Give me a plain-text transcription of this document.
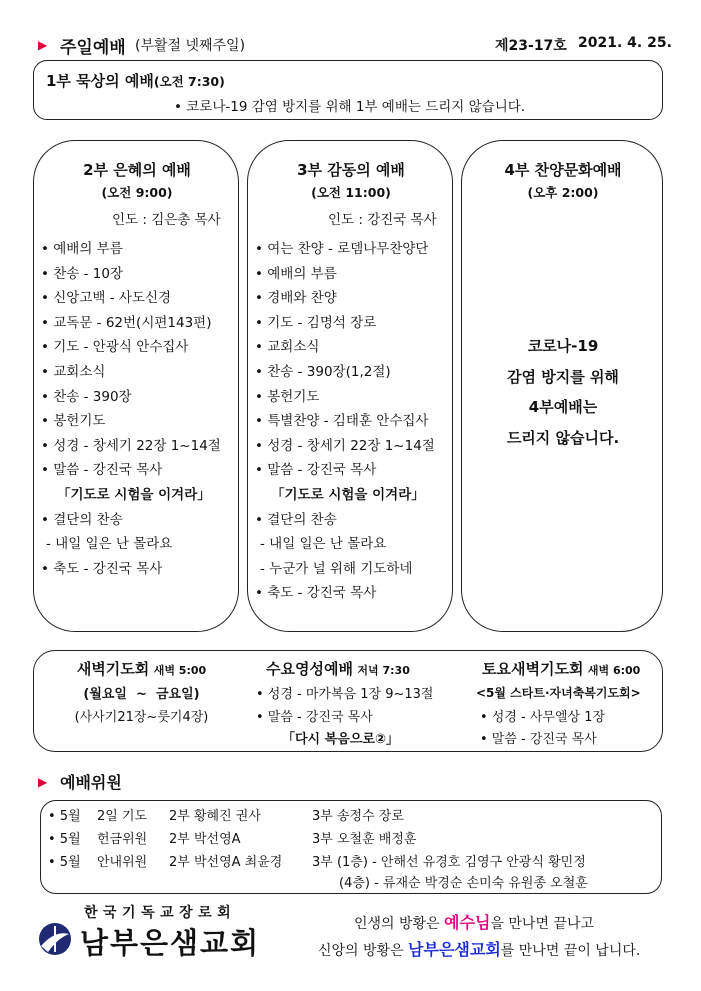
▶ 주일예배 (부활절 넷째주일)	제23-17호 2021. 4. 25.
1부 묵상의 예배(오전 7:30)
• 코로나-19 감염 방지를 위해 1부 예배는 드리지 않습니다.
2부 은혜의 예배
(오전 9:00)
인도 : 김은총 목사
• 예배의 부름
• 찬송 - 10장
• 신앙고백 - 사도신경
• 교독문 - 62번(시편143편)
• 기도 - 안광식 안수집사
• 교회소식
• 찬송 - 390장
• 봉헌기도
• 성경 - 창세기 22장 1~14절
• 말씀 - 강진국 목사
「기도로 시험을 이겨라」
• 결단의 찬송
- 내일 일은 난 몰라요
• 축도 - 강진국 목사
3부 감동의 예배
(오전 11:00)
인도 : 강진국 목사
• 여는 찬양 - 로뎀나무찬양단
• 예배의 부름
• 경배와 찬양
• 기도 - 김명석 장로
• 교회소식
• 찬송 - 390장(1,2절)
• 봉헌기도
• 특별찬양 - 김태훈 안수집사
• 성경 - 창세기 22장 1~14절
• 말씀 - 강진국 목사
「기도로 시험을 이겨라」
• 결단의 찬송
- 내일 일은 난 몰라요
- 누군가 널 위해 기도하네
• 축도 - 강진국 목사
4부 찬양문화예배
(오후 2:00)
코로나-19
감염 방지를 위해
4부예배는
드리지 않습니다.
새벽기도회 새벽 5:00
(월요일  ~  금요일)
(사사기21장~룻기4장)
수요영성예배 저녁 7:30
• 성경 - 마가복음 1장 9~13절
• 말씀 - 강진국 목사
「다시 복음으로②」
토요새벽기도회 새벽 6:00
<5월 스타트·자녀축복기도회>
• 성경 - 사무엘상 1장
• 말씀 - 강진국 목사
▶ 예배위원
• 5월 2일 기도 2부 황혜진 권사	3부 송정수 장로
• 5월 헌금위원 2부 박선영A	3부 오철훈 배정훈
• 5월 안내위원 2부 박선영A 최윤경 3부 (1층) - 안해선 유경호 김영구 안광식 황민정
(4층) - 류재순 박경순 손미숙 유원종 오철훈
한국기독교장로회
남부은샘교회
인생의 방황은 예수님을 만나면 끝나고
신앙의 방황은 남부은샘교회를 만나면 끝이 납니다.
